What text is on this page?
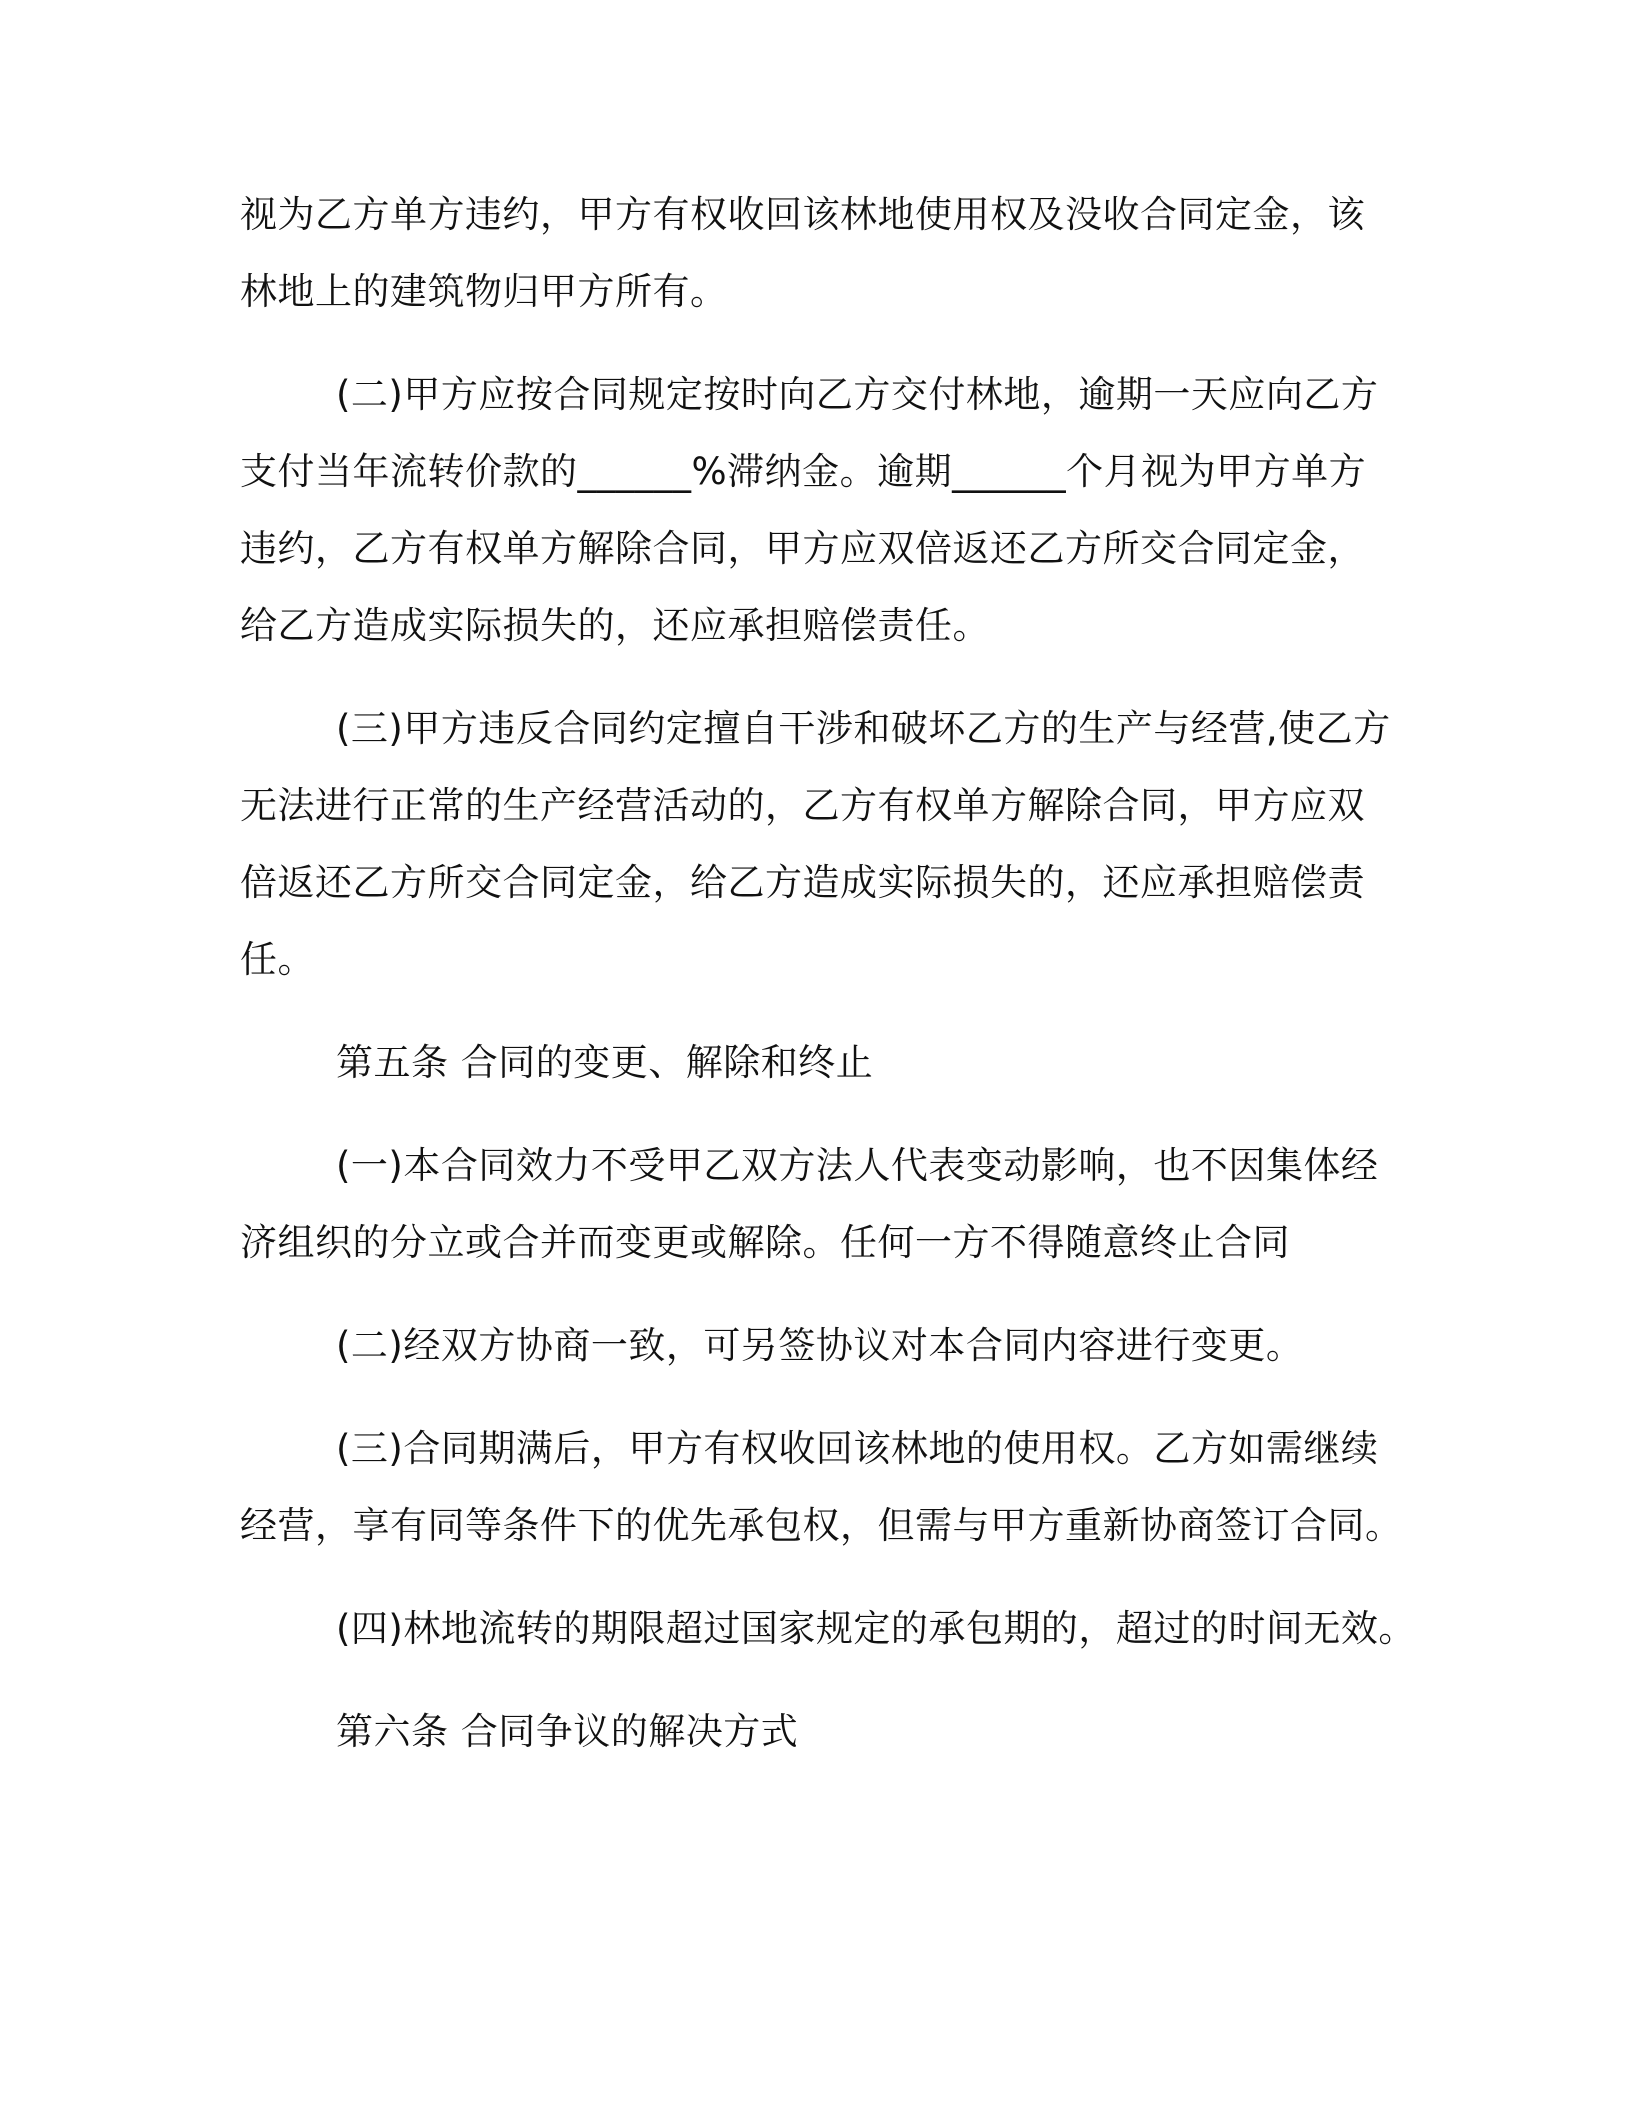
视为乙方单方违约，甲方有权收回该林地使用权及没收合同定金，该
林地上的建筑物归甲方所有。
(二)甲方应按合同规定按时向乙方交付林地，逾期一天应向乙方
支付当年流转价款的______%滞纳金。逾期______个月视为甲方单方
违约，乙方有权单方解除合同，甲方应双倍返还乙方所交合同定金，
给乙方造成实际损失的，还应承担赔偿责任。
(三)甲方违反合同约定擅自干涉和破坏乙方的生产与经营,使乙方
无法进行正常的生产经营活动的，乙方有权单方解除合同，甲方应双
倍返还乙方所交合同定金，给乙方造成实际损失的，还应承担赔偿责
任。
第五条 合同的变更、解除和终止
(一)本合同效力不受甲乙双方法人代表变动影响，也不因集体经
济组织的分立或合并而变更或解除。任何一方不得随意终止合同
(二)经双方协商一致，可另签协议对本合同内容进行变更。
(三)合同期满后，甲方有权收回该林地的使用权。乙方如需继续
经营，享有同等条件下的优先承包权，但需与甲方重新协商签订合同。
(四)林地流转的期限超过国家规定的承包期的，超过的时间无效。
第六条 合同争议的解决方式
